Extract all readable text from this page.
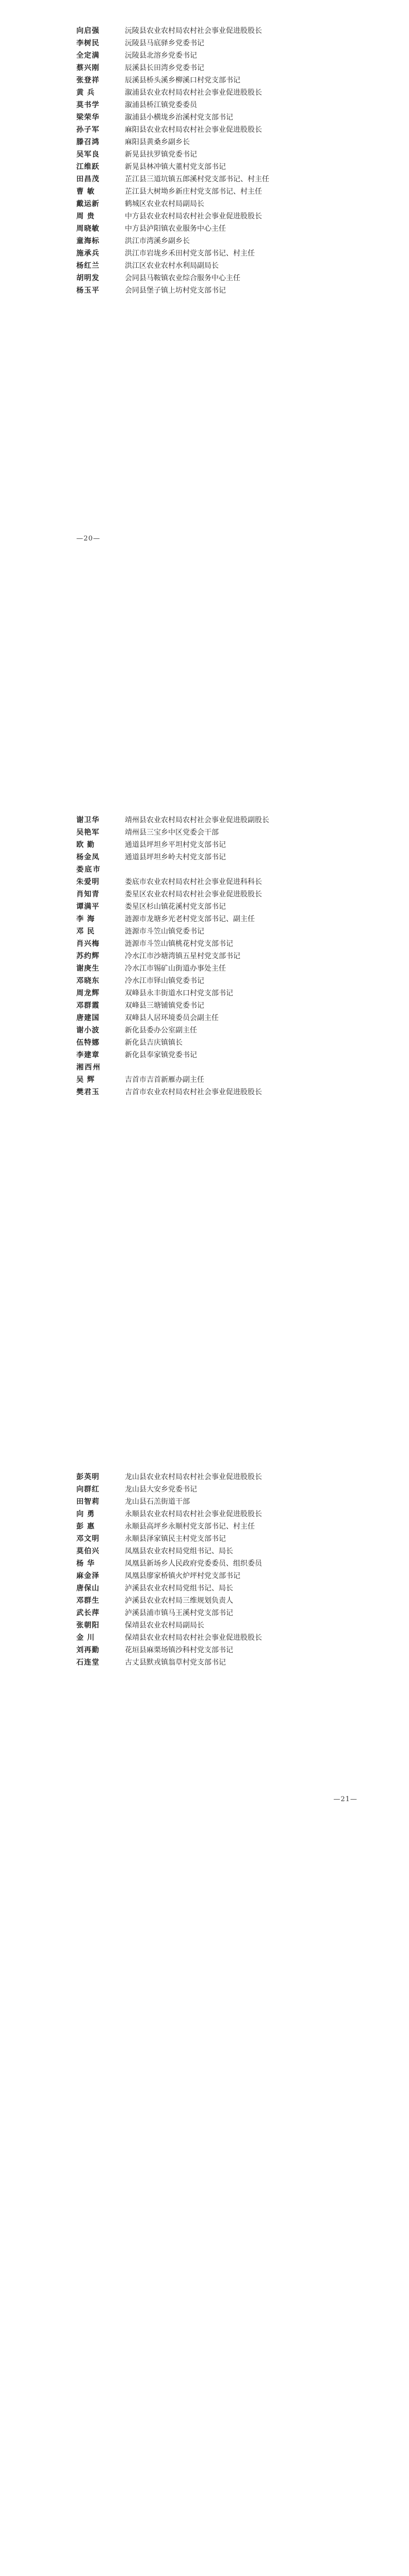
向启强	沅陵县农业农村局农村社会事业促进股股长
李树民	沅陵县马底驿乡党委书记
全定满	沅陵县北溶乡党委书记
蔡兴刚	辰溪县长田湾乡党委书记
张登祥	辰溪县桥头溪乡柳溪口村党支部书记
黄 兵	溆浦县农业农村局农村社会事业促进股股长
莫书学	溆浦县桥江镇党委委员
梁荣华	溆浦县小横垅乡治溪村党支部书记
孙子军	麻阳县农业农村局农村社会事业促进股股长
滕召鸿	麻阳县黄桑乡副乡长
吴军良	新晃县扶罗镇党委书记
江维跃	新晃县林冲镇大董村党支部书记
田昌茂	芷江县三道坑镇五郎溪村党支部书记、村主任
曹 敏	芷江县大树坳乡新庄村党支部书记、村主任
戴运新	鹤城区农业农村局副局长
周 贵	中方县农业农村局农村社会事业促进股股长
周晓敏	中方县泸阳镇农业服务中心主任
童海标	洪江市湾溪乡副乡长
施承兵	洪江市岩垅乡禾田村党支部书记、村主任
杨红兰	洪江区农业农村水利局副局长
胡明发	会同县马鞍镇农业综合服务中心主任
杨玉平	会同县堡子镇上坊村党支部书记
—20—
谢卫华	靖州县农业农村局农村社会事业促进股副股长
吴艳军	靖州县三宝乡中区党委会干部
欧 勤	通道县坪坦乡平坦村党支部书记
杨金凤	通道县坪坦乡岭夫村党支部书记
娄底市
朱爱明	娄底市农业农村局农村社会事业促进科科长
肖知青	娄星区农业农村局农村社会事业促进股股长
谭满平	娄星区杉山镇花溪村党支部书记
李 海	涟源市龙塘乡光老村党支部书记、副主任
邓 民	涟源市斗笠山镇党委书记
肖兴梅	涟源市斗笠山镇桃花村党支部书记
苏约辉	冷水江市沙塘湾镇五星村党支部书记
谢庚生	冷水江市锡矿山街道办事处主任
邓晓东	冷水江市铎山镇党委书记
周龙辉	双峰县永丰街道水口村党支部书记
邓群霞	双峰县三塘铺镇党委书记
唐建国	双峰县人居环境委员会副主任
谢小波	新化县委办公室副主任
伍特娜	新化县吉庆镇镇长
李建章	新化县奉家镇党委书记
湘西州
吴 辉	吉首市吉首新雁办副主任
樊君玉	吉首市农业农村局农村社会事业促进股股长
—21—
彭英明	龙山县农业农村局农村社会事业促进股股长
向群红	龙山县大安乡党委书记
田智莉	龙山县石羔街道干部
向 勇	永顺县农业农村局农村社会事业促进股股长
彭 惠	永顺县高坪乡永顺村党支部书记、村主任
邓文明	永顺县泽家镇民主村党支部书记
莫伯兴	凤凰县农业农村局党组书记、局长
杨 华	凤凰县新场乡人民政府党委委员、组织委员
麻金泽	凤凰县廖家桥镇火炉坪村党支部书记
唐保山	泸溪县农业农村局党组书记、局长
邓群生	泸溪县农业农村局三维规划负责人
武长萍	泸溪县浦市镇马王溪村党支部书记
张朝阳	保靖县农业农村局副局长
金 川	保靖县农业农村局农村社会事业促进股股长
刘再勤	花垣县麻栗场镇沙科村党支部书记
石连堂	古丈县默戎镇翁草村党支部书记
